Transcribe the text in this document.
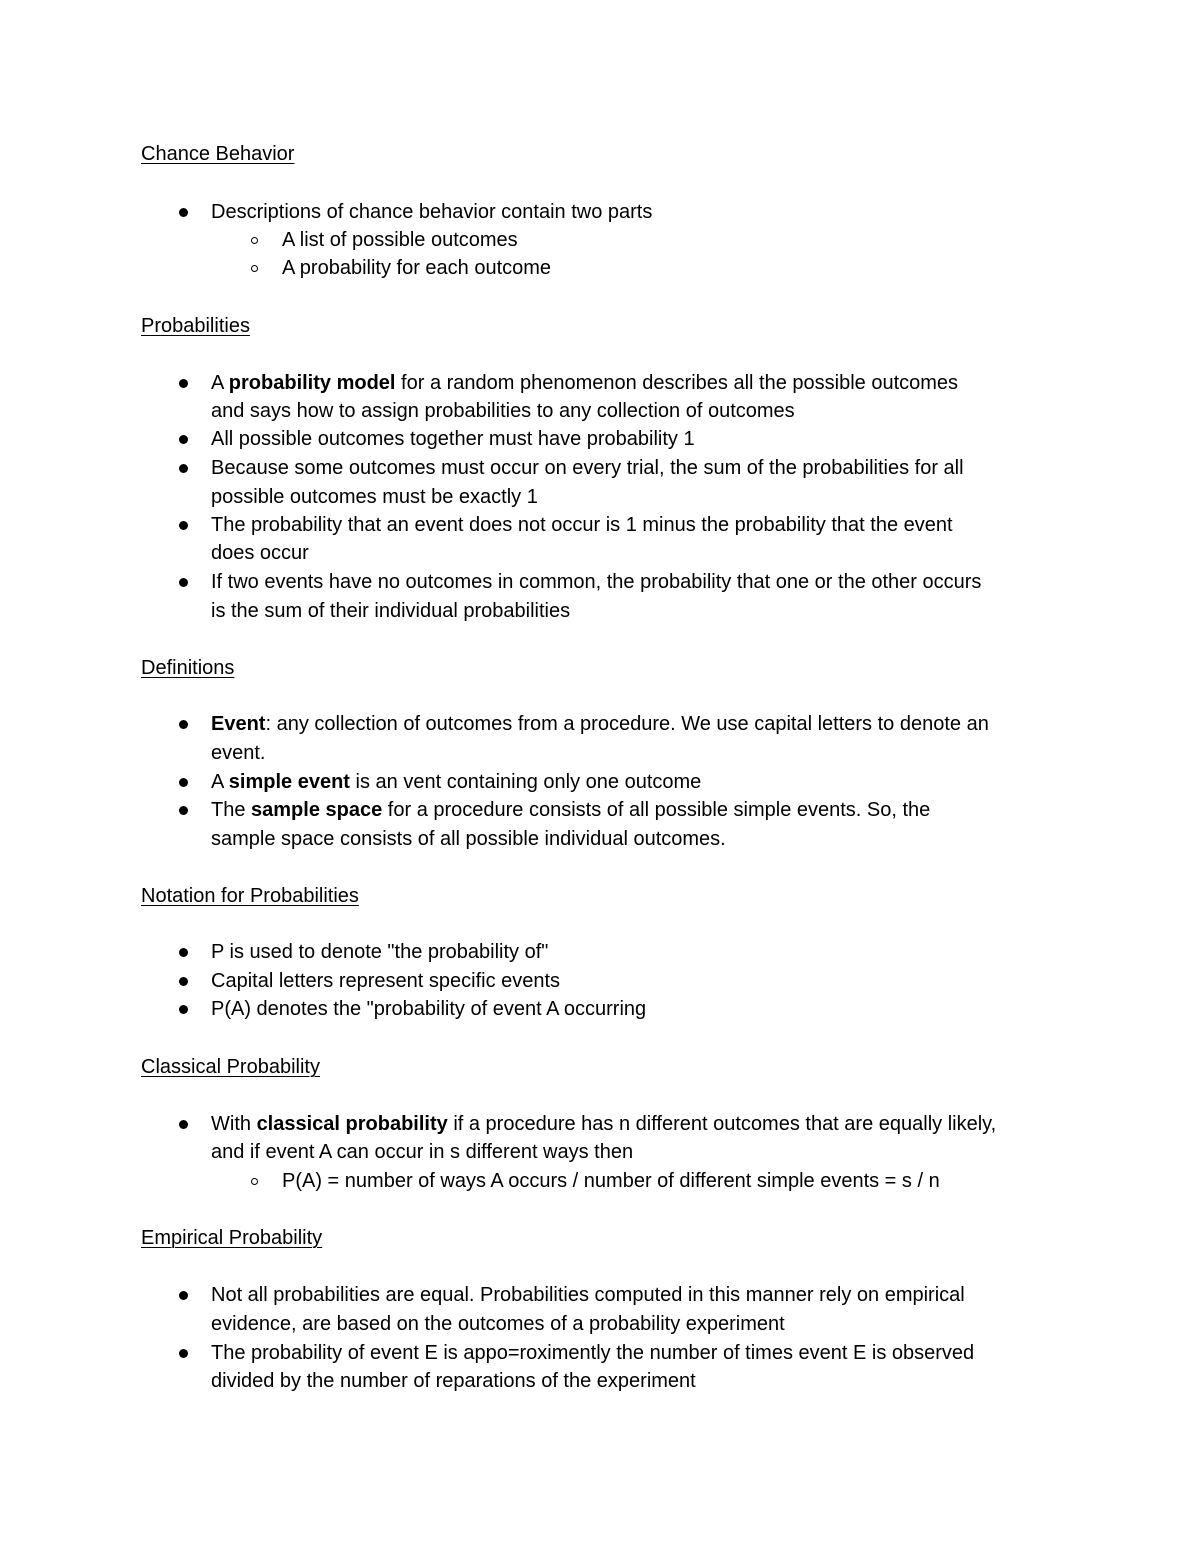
Chance Behavior
Descriptions of chance behavior contain two parts
A list of possible outcomes
A probability for each outcome
Probabilities
A probability model for a random phenomenon describes all the possible outcomes
and says how to assign probabilities to any collection of outcomes
All possible outcomes together must have probability 1
Because some outcomes must occur on every trial, the sum of the probabilities for all
possible outcomes must be exactly 1
The probability that an event does not occur is 1 minus the probability that the event
does occur
If two events have no outcomes in common, the probability that one or the other occurs
is the sum of their individual probabilities
Definitions
Event: any collection of outcomes from a procedure. We use capital letters to denote an
event.
A simple event is an vent containing only one outcome
The sample space for a procedure consists of all possible simple events. So, the
sample space consists of all possible individual outcomes.
Notation for Probabilities
P is used to denote "the probability of"
Capital letters represent specific events
P(A) denotes the "probability of event A occurring
Classical Probability
With classical probability if a procedure has n different outcomes that are equally likely,
and if event A can occur in s different ways then
P(A) = number of ways A occurs / number of different simple events = s / n
Empirical Probability
Not all probabilities are equal. Probabilities computed in this manner rely on empirical
evidence, are based on the outcomes of a probability experiment
The probability of event E is appo=roximently the number of times event E is observed
divided by the number of reparations of the experiment
